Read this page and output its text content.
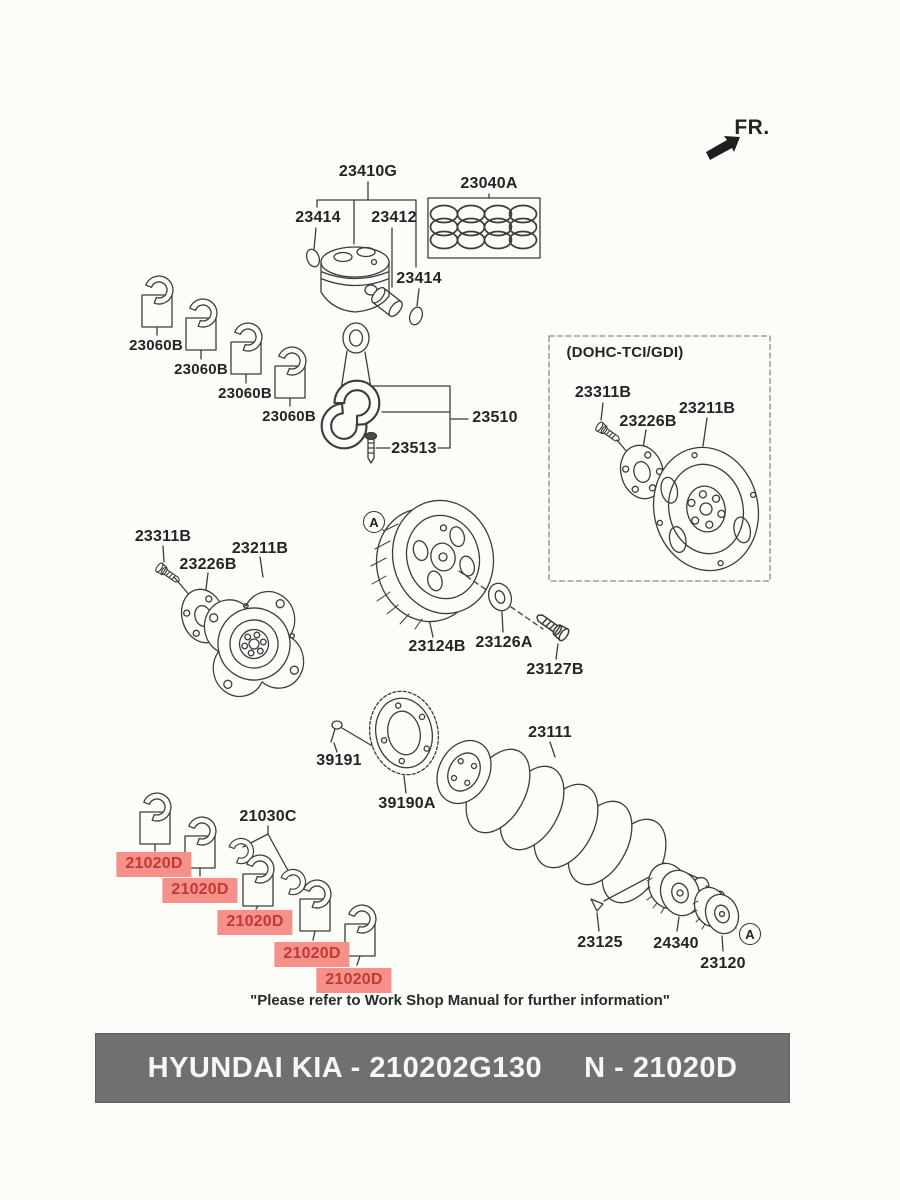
FR.
23410G
23040A
23414 23412
23414
23060B
23060B
23060B
23060B	23510
23513
(DOHC-TCI/GDI)
23311B
23226B
23211B
23311B
23226B
23211B
A
23124B 23126A
23127B
23111
39191
39190A
21030C
21020D
21020D
21020D
21020D
21020D
23125 24340
23120
A
"Please refer to Work Shop Manual for further information"
HYUNDAI KIA - 210202G130 N - 21020D
